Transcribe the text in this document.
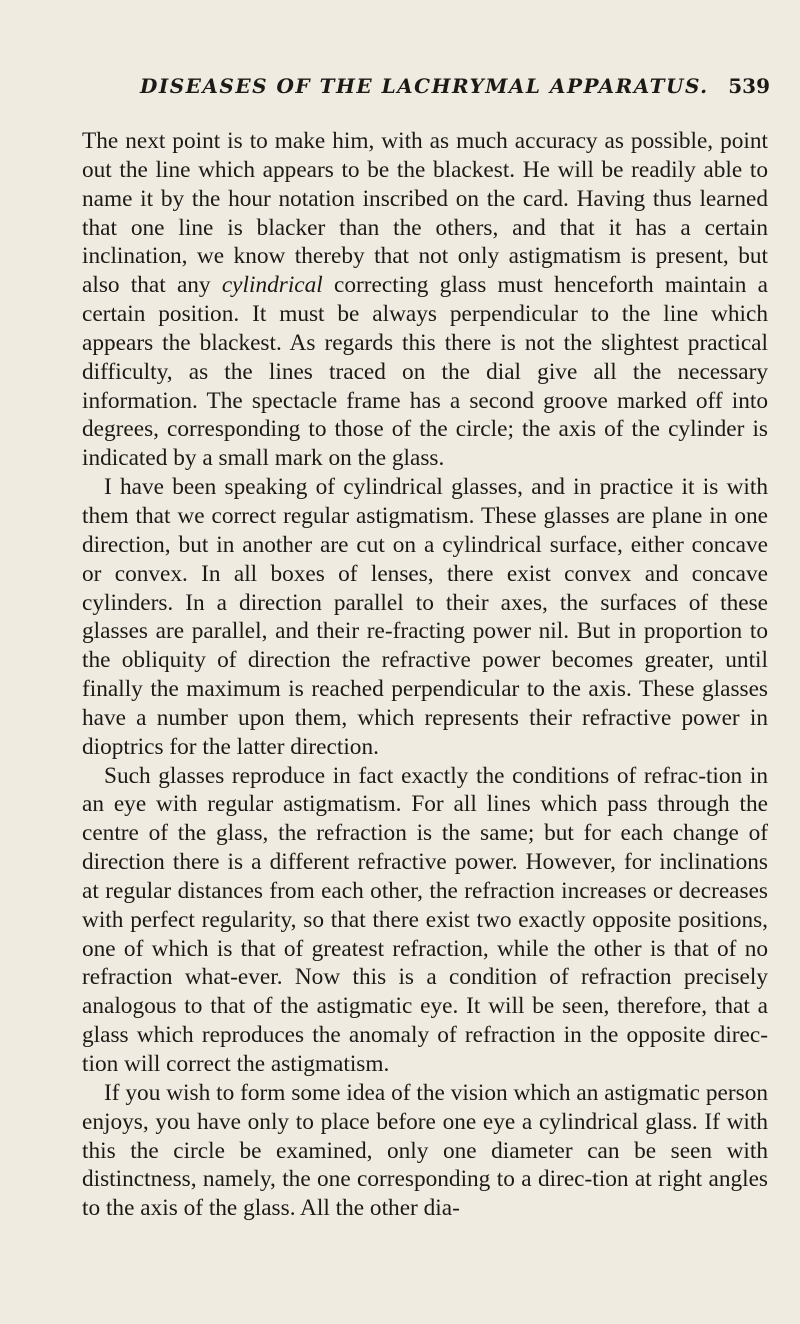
DISEASES OF THE LACHRYMAL APPARATUS. 539

The next point is to make him, with as much accuracy as possible, point out the line which appears to be the blackest. He will be readily able to name it by the hour notation inscribed on the card. Having thus learned that one line is blacker than the others, and that it has a certain inclination, we know thereby that not only astigmatism is present, but also that any cylindrical correcting glass must henceforth maintain a certain position. It must be always perpendicular to the line which appears the blackest. As regards this there is not the slightest practical difficulty, as the lines traced on the dial give all the necessary information. The spectacle frame has a second groove marked off into degrees, corresponding to those of the circle; the axis of the cylinder is indicated by a small mark on the glass.

I have been speaking of cylindrical glasses, and in practice it is with them that we correct regular astigmatism. These glasses are plane in one direction, but in another are cut on a cylindrical surface, either concave or convex. In all boxes of lenses, there exist convex and concave cylinders. In a direction parallel to their axes, the surfaces of these glasses are parallel, and their re-fracting power nil. But in proportion to the obliquity of direction the refractive power becomes greater, until finally the maximum is reached perpendicular to the axis. These glasses have a number upon them, which represents their refractive power in dioptrics for the latter direction.

Such glasses reproduce in fact exactly the conditions of refrac-tion in an eye with regular astigmatism. For all lines which pass through the centre of the glass, the refraction is the same; but for each change of direction there is a different refractive power. However, for inclinations at regular distances from each other, the refraction increases or decreases with perfect regularity, so that there exist two exactly opposite positions, one of which is that of greatest refraction, while the other is that of no refraction what-ever. Now this is a condition of refraction precisely analogous to that of the astigmatic eye. It will be seen, therefore, that a glass which reproduces the anomaly of refraction in the opposite direc-tion will correct the astigmatism.

If you wish to form some idea of the vision which an astigmatic person enjoys, you have only to place before one eye a cylindrical glass. If with this the circle be examined, only one diameter can be seen with distinctness, namely, the one corresponding to a direc-tion at right angles to the axis of the glass. All the other dia-
